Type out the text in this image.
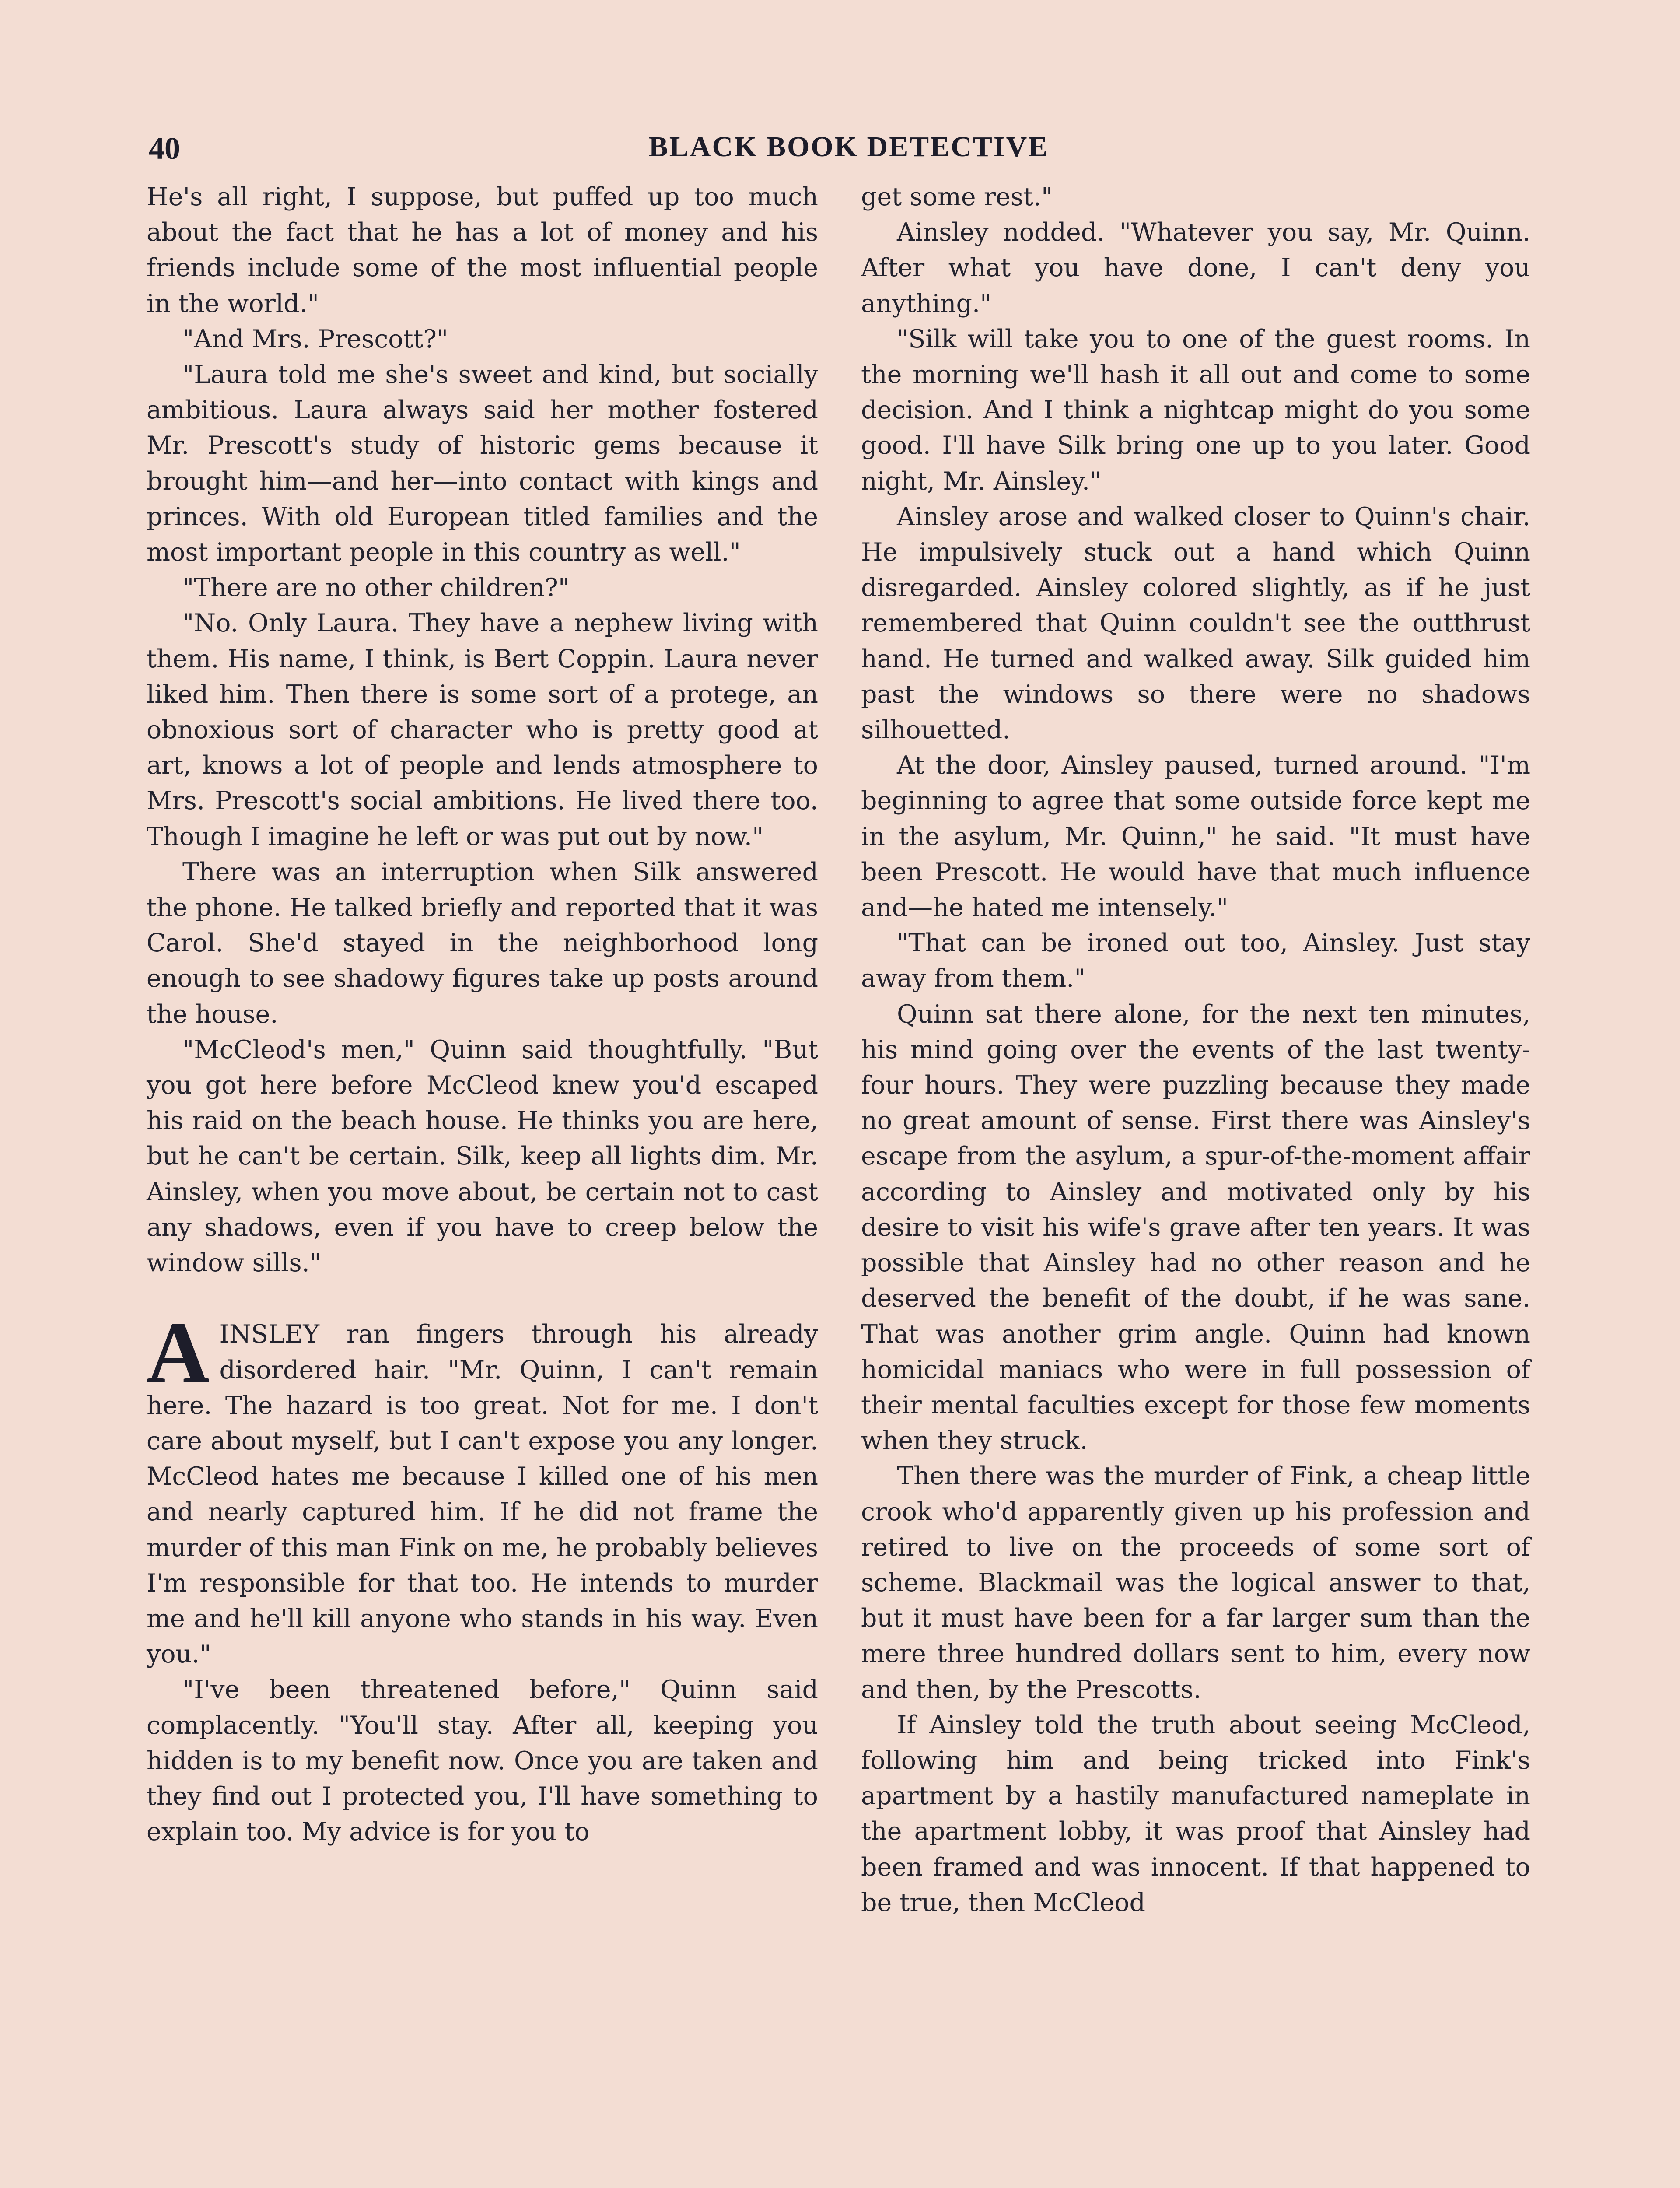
40	BLACK BOOK DETECTIVE

He's all right, I suppose, but puffed up too much about the fact that he has a lot of money and his friends include some of the most influential people in the world."

"And Mrs. Prescott?"

"Laura told me she's sweet and kind, but socially ambitious. Laura always said her mother fostered Mr. Prescott's study of historic gems because it brought him—and her—into contact with kings and princes. With old European titled families and the most important people in this country as well."

"There are no other children?"

"No. Only Laura. They have a nephew living with them. His name, I think, is Bert Coppin. Laura never liked him. Then there is some sort of a protege, an obnoxious sort of character who is pretty good at art, knows a lot of people and lends atmosphere to Mrs. Prescott's social ambitions. He lived there too. Though I imagine he left or was put out by now."

There was an interruption when Silk answered the phone. He talked briefly and reported that it was Carol. She'd stayed in the neighborhood long enough to see shadowy figures take up posts around the house.

"McCleod's men," Quinn said thoughtfully. "But you got here before McCleod knew you'd escaped his raid on the beach house. He thinks you are here, but he can't be certain. Silk, keep all lights dim. Mr. Ainsley, when you move about, be certain not to cast any shadows, even if you have to creep below the window sills."

AINSLEY ran fingers through his already disordered hair. "Mr. Quinn, I can't remain here. The hazard is too great. Not for me. I don't care about myself, but I can't expose you any longer. McCleod hates me because I killed one of his men and nearly captured him. If he did not frame the murder of this man Fink on me, he probably believes I'm responsible for that too. He intends to murder me and he'll kill anyone who stands in his way. Even you."

"I've been threatened before," Quinn said complacently. "You'll stay. After all, keeping you hidden is to my benefit now. Once you are taken and they find out I protected you, I'll have something to explain too. My advice is for you to

get some rest."

Ainsley nodded. "Whatever you say, Mr. Quinn. After what you have done, I can't deny you anything."

"Silk will take you to one of the guest rooms. In the morning we'll hash it all out and come to some decision. And I think a nightcap might do you some good. I'll have Silk bring one up to you later. Good night, Mr. Ainsley."

Ainsley arose and walked closer to Quinn's chair. He impulsively stuck out a hand which Quinn disregarded. Ainsley colored slightly, as if he just remembered that Quinn couldn't see the outthrust hand. He turned and walked away. Silk guided him past the windows so there were no shadows silhouetted.

At the door, Ainsley paused, turned around. "I'm beginning to agree that some outside force kept me in the asylum, Mr. Quinn," he said. "It must have been Prescott. He would have that much influence and—he hated me intensely."

"That can be ironed out too, Ainsley. Just stay away from them."

Quinn sat there alone, for the next ten minutes, his mind going over the events of the last twenty-four hours. They were puzzling because they made no great amount of sense. First there was Ainsley's escape from the asylum, a spur-of-the-moment affair according to Ainsley and motivated only by his desire to visit his wife's grave after ten years. It was possible that Ainsley had no other reason and he deserved the benefit of the doubt, if he was sane. That was another grim angle. Quinn had known homicidal maniacs who were in full possession of their mental faculties except for those few moments when they struck.

Then there was the murder of Fink, a cheap little crook who'd apparently given up his profession and retired to live on the proceeds of some sort of scheme. Blackmail was the logical answer to that, but it must have been for a far larger sum than the mere three hundred dollars sent to him, every now and then, by the Prescotts.

If Ainsley told the truth about seeing McCleod, following him and being tricked into Fink's apartment by a hastily manufactured nameplate in the apartment lobby, it was proof that Ainsley had been framed and was innocent. If that happened to be true, then McCleod
